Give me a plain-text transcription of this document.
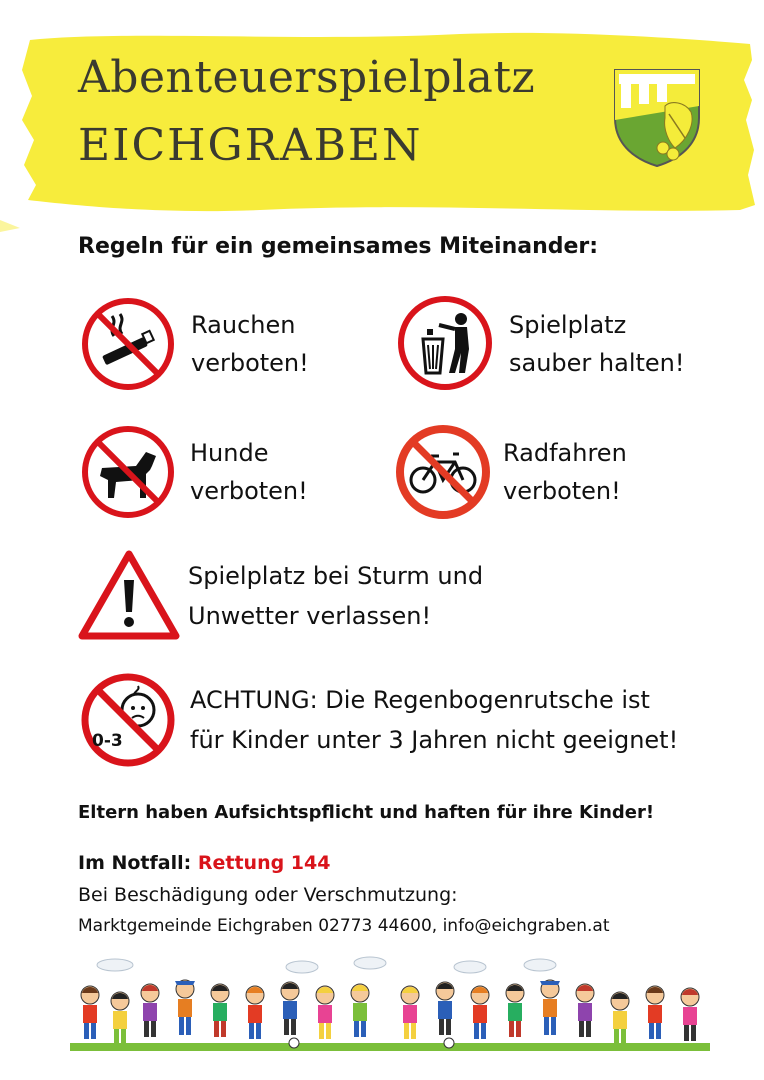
Abenteuerspielplatz
EICHGRABEN
Regeln für ein gemeinsames Miteinander:
Rauchen
verboten!
Spielplatz
sauber halten!
Hunde
verboten!
Radfahren
verboten!
Spielplatz bei Sturm und
Unwetter verlassen!
0-3
ACHTUNG: Die Regenbogenrutsche ist
für Kinder unter 3 Jahren nicht geeignet!
Eltern haben Aufsichtspflicht und haften für ihre Kinder!
Im Notfall: Rettung 144
Bei Beschädigung oder Verschmutzung:
Marktgemeinde Eichgraben 02773 44600, info@eichgraben.at
